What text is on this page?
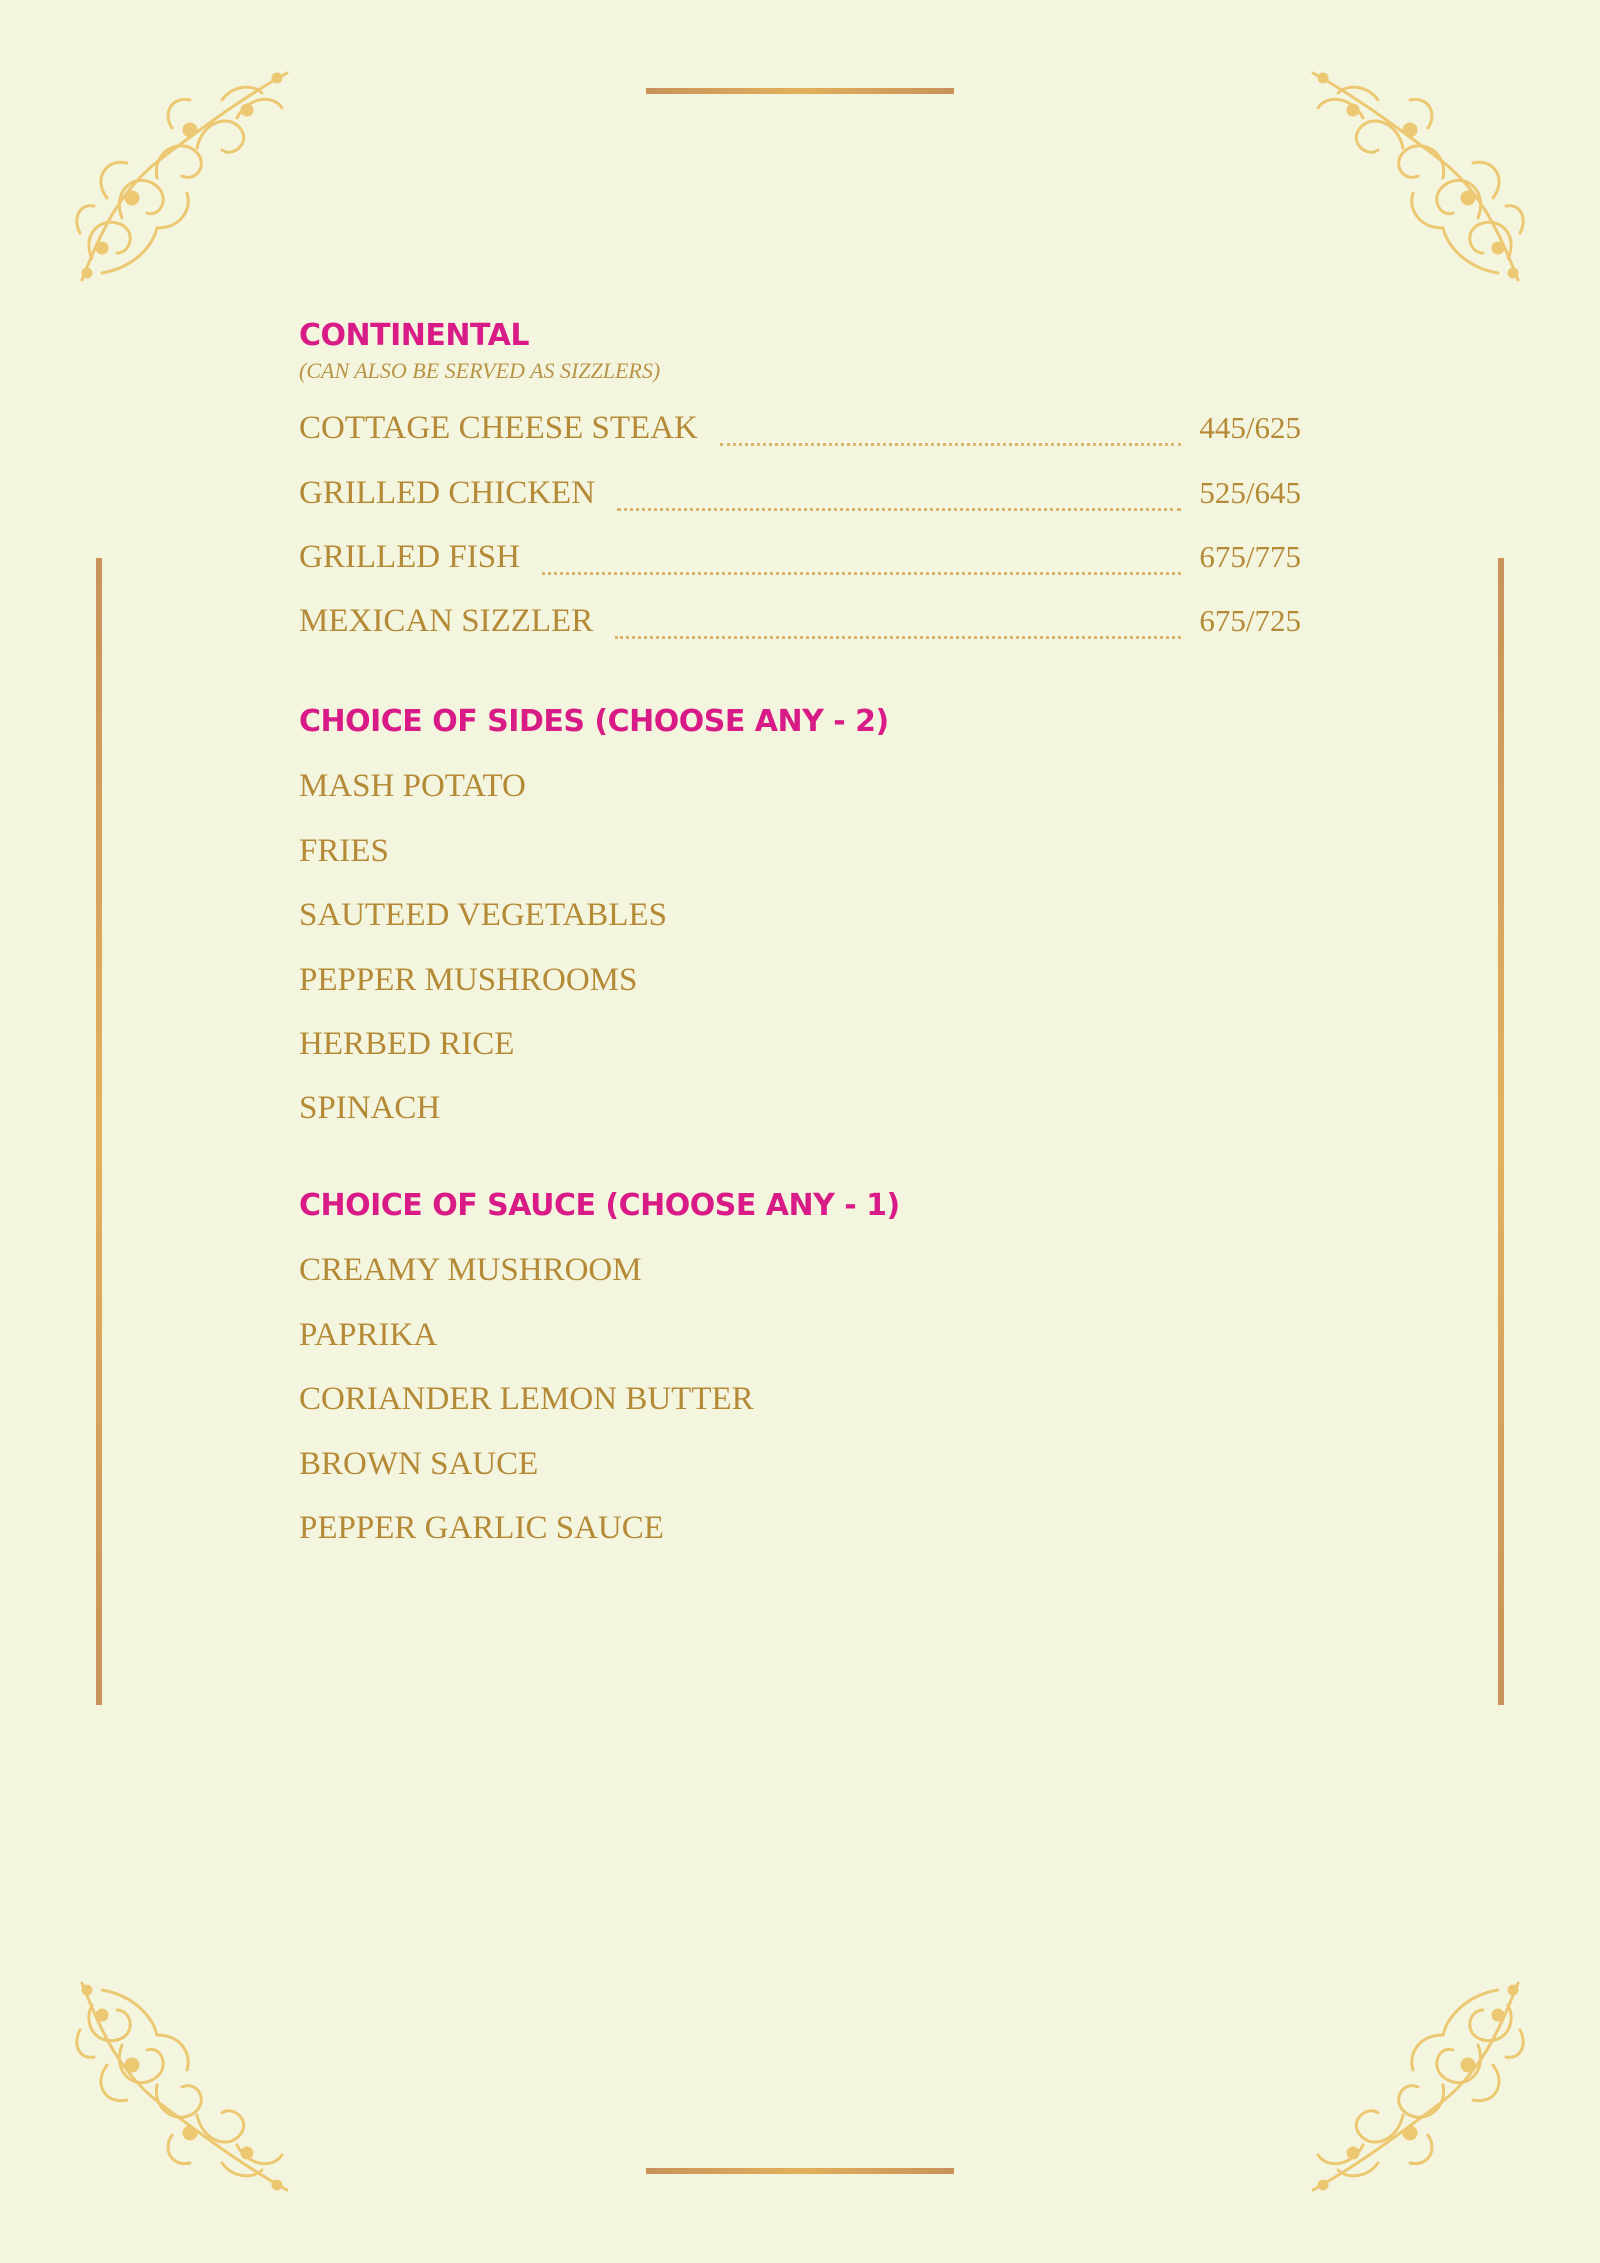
CONTINENTAL
(CAN ALSO BE SERVED AS SIZZLERS)
COTTAGE CHEESE STEAK	445/625
GRILLED CHICKEN	525/645
GRILLED FISH	675/775
MEXICAN SIZZLER	675/725
CHOICE OF SIDES (CHOOSE ANY - 2)
MASH POTATO
FRIES
SAUTEED VEGETABLES
PEPPER MUSHROOMS
HERBED RICE
SPINACH
CHOICE OF SAUCE (CHOOSE ANY - 1)
CREAMY MUSHROOM
PAPRIKA
CORIANDER LEMON BUTTER
BROWN SAUCE
PEPPER GARLIC SAUCE
